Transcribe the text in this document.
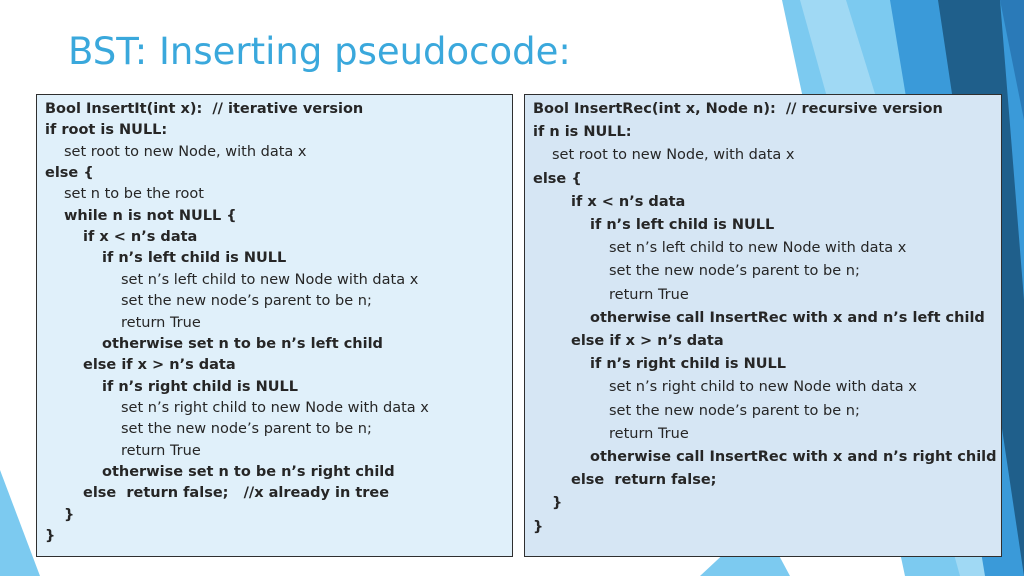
BST: Inserting pseudocode:
Bool InsertIt(int x):  // iterative version
if root is NULL:
set root to new Node, with data x
else {
set n to be the root
while n is not NULL {
if x < n’s data
if n’s left child is NULL
set n’s left child to new Node with data x
set the new node’s parent to be n;
return True
otherwise set n to be n’s left child
else if x > n’s data
if n’s right child is NULL
set n’s right child to new Node with data x
set the new node’s parent to be n;
return True
otherwise set n to be n’s right child
else  return false;   //x already in tree
}
}
Bool InsertRec(int x, Node n):  // recursive version
if n is NULL:
set root to new Node, with data x
else {
if x < n’s data
if n’s left child is NULL
set n’s left child to new Node with data x
set the new node’s parent to be n;
return True
otherwise call InsertRec with x and n’s left child
else if x > n’s data
if n’s right child is NULL
set n’s right child to new Node with data x
set the new node’s parent to be n;
return True
otherwise call InsertRec with x and n’s right child
else  return false;
}
}
